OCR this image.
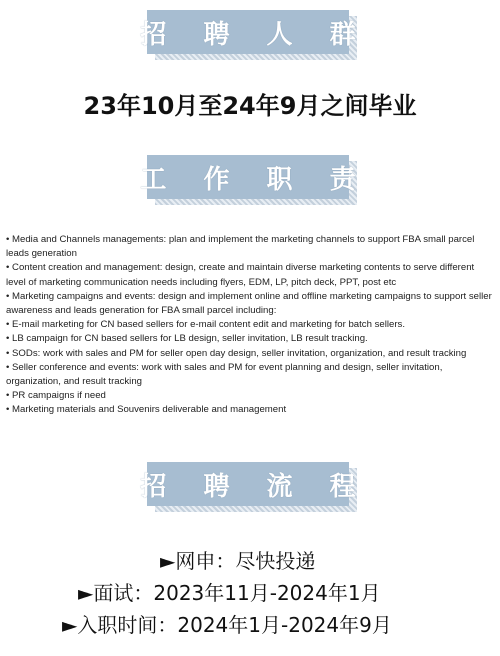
招 聘 人 群
23年10月至24年9月之间毕业
工 作 职 责
• Media and Channels managements: plan and implement the marketing channels to support FBA small parcel leads generation
• Content creation and management: design, create and maintain diverse marketing contents to serve different level of marketing communication needs including flyers, EDM, LP, pitch deck, PPT, post etc
• Marketing campaigns and events: design and implement online and offline marketing campaigns to support seller awareness and leads generation for FBA small parcel including:
• E-mail marketing for CN based sellers for e-mail content edit and marketing for batch sellers.
• LB campaign for CN based sellers for LB design, seller invitation, LB result tracking.
• SODs: work with sales and PM for seller open day design, seller invitation, organization, and result tracking
• Seller conference and events: work with sales and PM for event planning and design, seller invitation, organization, and result tracking
• PR campaigns if need
• Marketing materials and Souvenirs deliverable and management
招 聘 流 程
►网申：尽快投递
►面试：2023年11月-2024年1月
►入职时间：2024年1月-2024年9月
